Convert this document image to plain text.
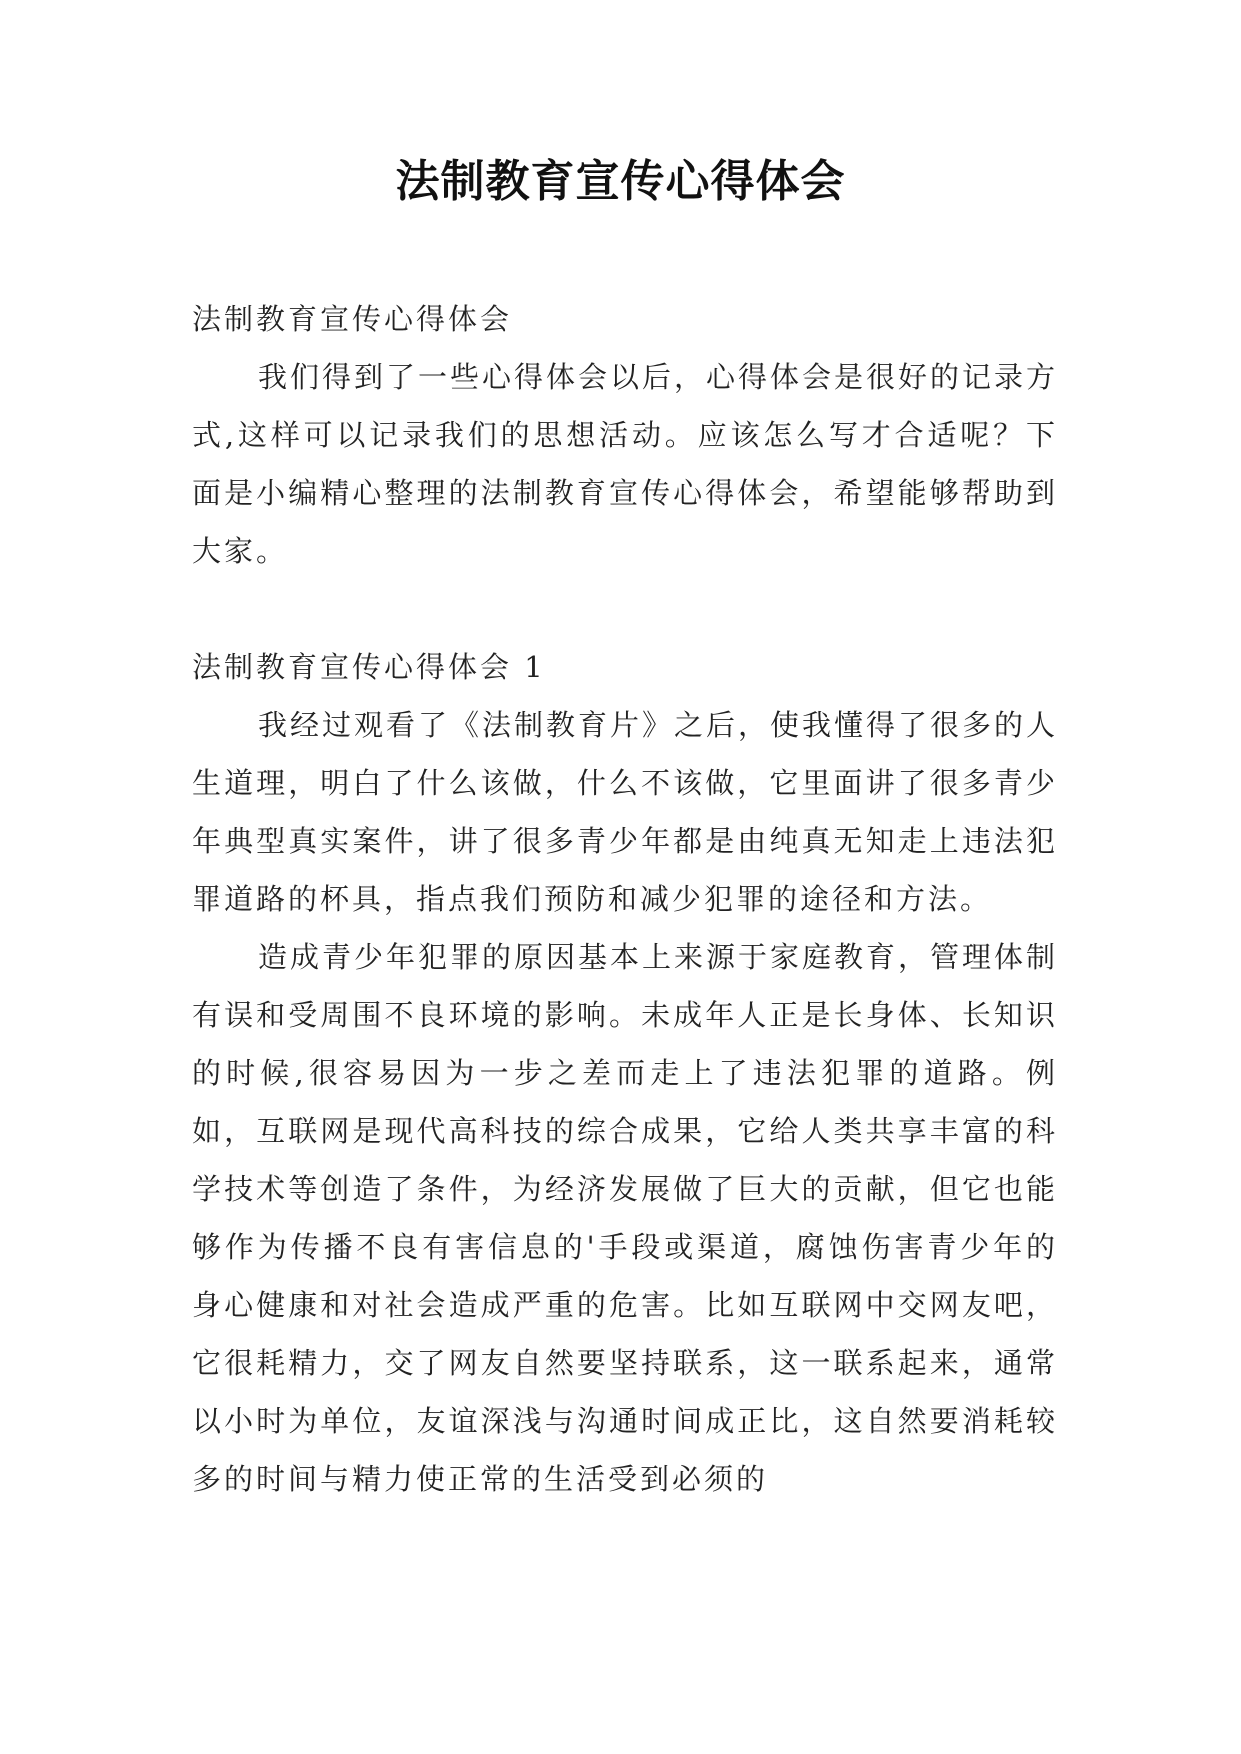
法制教育宣传心得体会

法制教育宣传心得体会

我们得到了一些心得体会以后，心得体会是很好的记录方式,这样可以记录我们的思想活动。应该怎么写才合适呢？下面是小编精心整理的法制教育宣传心得体会，希望能够帮助到大家。

法制教育宣传心得体会 1

我经过观看了《法制教育片》之后，使我懂得了很多的人生道理，明白了什么该做，什么不该做，它里面讲了很多青少年典型真实案件，讲了很多青少年都是由纯真无知走上违法犯罪道路的杯具，指点我们预防和减少犯罪的途径和方法。

造成青少年犯罪的原因基本上来源于家庭教育，管理体制有误和受周围不良环境的影响。未成年人正是长身体、长知识的时候,很容易因为一步之差而走上了违法犯罪的道路。例如，互联网是现代高科技的综合成果，它给人类共享丰富的科学技术等创造了条件，为经济发展做了巨大的贡献，但它也能够作为传播不良有害信息的'手段或渠道，腐蚀伤害青少年的身心健康和对社会造成严重的危害。比如互联网中交网友吧，它很耗精力，交了网友自然要坚持联系，这一联系起来，通常以小时为单位，友谊深浅与沟通时间成正比，这自然要消耗较多的时间与精力使正常的生活受到必须的
